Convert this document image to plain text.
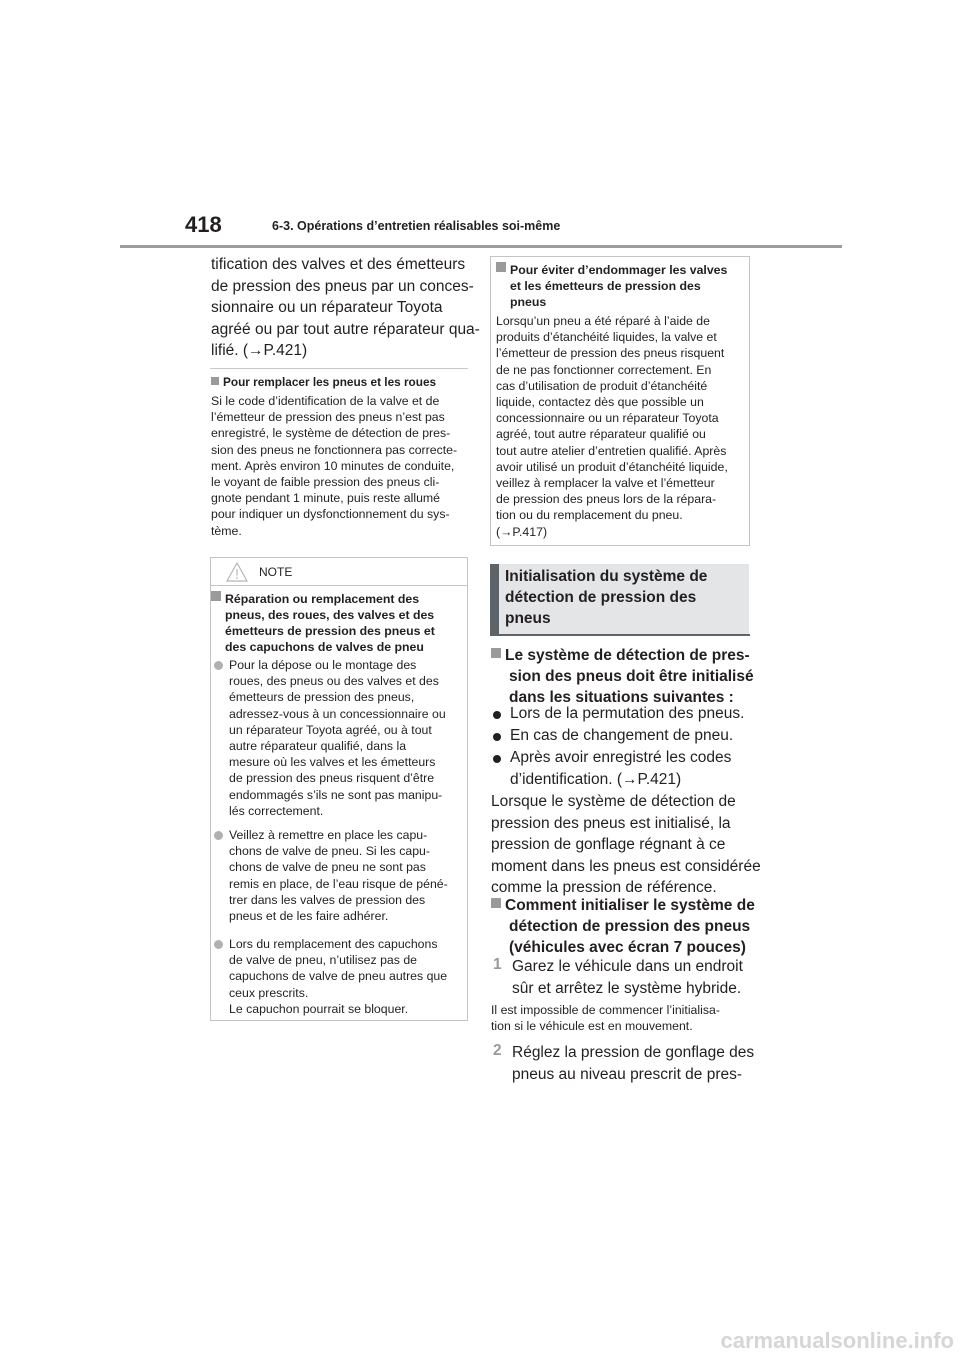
418	6-3. Opérations d’entretien réalisables soi-même
tification des valves et des émetteurs
de pression des pneus par un conces-
sionnaire ou un réparateur Toyota
agréé ou par tout autre réparateur qua-
lifié. (→P.421)
Pour remplacer les pneus et les roues
Si le code d’identification de la valve et de
l’émetteur de pression des pneus n’est pas
enregistré, le système de détection de pres-
sion des pneus ne fonctionnera pas correcte-
ment. Après environ 10 minutes de conduite,
le voyant de faible pression des pneus cli-
gnote pendant 1 minute, puis reste allumé
pour indiquer un dysfonctionnement du sys-
tème.
NOTE
Réparation ou remplacement des
pneus, des roues, des valves et des
émetteurs de pression des pneus et
des capuchons de valves de pneu
Pour la dépose ou le montage des
roues, des pneus ou des valves et des
émetteurs de pression des pneus,
adressez-vous à un concessionnaire ou
un réparateur Toyota agréé, ou à tout
autre réparateur qualifié, dans la
mesure où les valves et les émetteurs
de pression des pneus risquent d’être
endommagés s’ils ne sont pas manipu-
lés correctement.
Veillez à remettre en place les capu-
chons de valve de pneu. Si les capu-
chons de valve de pneu ne sont pas
remis en place, de l’eau risque de péné-
trer dans les valves de pression des
pneus et de les faire adhérer.
Lors du remplacement des capuchons
de valve de pneu, n’utilisez pas de
capuchons de valve de pneu autres que
ceux prescrits.
Le capuchon pourrait se bloquer.
Pour éviter d’endommager les valves
et les émetteurs de pression des
pneus
Lorsqu’un pneu a été réparé à l’aide de
produits d’étanchéité liquides, la valve et
l’émetteur de pression des pneus risquent
de ne pas fonctionner correctement. En
cas d’utilisation de produit d’étanchéité
liquide, contactez dès que possible un
concessionnaire ou un réparateur Toyota
agréé, tout autre réparateur qualifié ou
tout autre atelier d’entretien qualifié. Après
avoir utilisé un produit d’étanchéité liquide,
veillez à remplacer la valve et l’émetteur
de pression des pneus lors de la répara-
tion ou du remplacement du pneu.
(→P.417)
Initialisation du système de
détection de pression des
pneus
Le système de détection de pres-
sion des pneus doit être initialisé
dans les situations suivantes :
Lors de la permutation des pneus.
En cas de changement de pneu.
Après avoir enregistré les codes
d’identification. (→P.421)
Lorsque le système de détection de
pression des pneus est initialisé, la
pression de gonflage régnant à ce
moment dans les pneus est considérée
comme la pression de référence.
Comment initialiser le système de
détection de pression des pneus
(véhicules avec écran 7 pouces)
1 Garez le véhicule dans un endroit
sûr et arrêtez le système hybride.
Il est impossible de commencer l’initialisa-
tion si le véhicule est en mouvement.
2 Réglez la pression de gonflage des
pneus au niveau prescrit de pres-
carmanualsonline.info
